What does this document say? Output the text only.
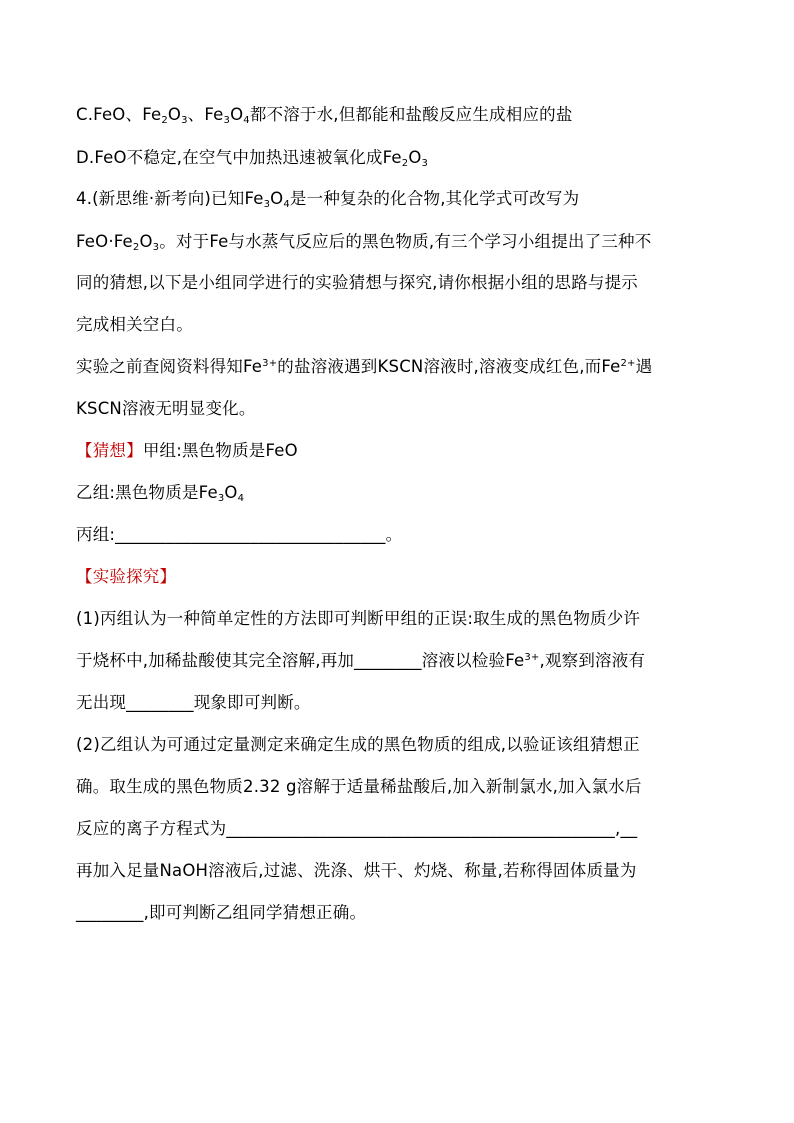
C.FeO、$Fe_2O_3$、$Fe_3O_4$都不溶于水,但都能和盐酸反应生成相应的盐
D.FeO不稳定,在空气中加热迅速被氧化成$Fe_2O_3$
4.(新思维·新考向)已知$Fe_3O_4$是一种复杂的化合物,其化学式可改写为
$FeO\cdot Fe_2O_3$。对于Fe与水蒸气反应后的黑色物质,有三个学习小组提出了三种不
同的猜想,以下是小组同学进行的实验猜想与探究,请你根据小组的思路与提示
完成相关空白。
实验之前查阅资料得知$Fe^{3+}$的盐溶液遇到KSCN溶液时,溶液变成红色,而$Fe^{2+}$遇
KSCN溶液无明显变化。
【猜想】甲组:黑色物质是FeO
乙组:黑色物质是$Fe_3O_4$
丙组:________________________________。
【实验探究】
(1)丙组认为一种简单定性的方法即可判断甲组的正误:取生成的黑色物质少许
于烧杯中,加稀盐酸使其完全溶解,再加________溶液以检验$Fe^{3+}$,观察到溶液有
无出现________现象即可判断。
(2)乙组认为可通过定量测定来确定生成的黑色物质的组成,以验证该组猜想正
确。取生成的黑色物质2.32 g溶解于适量稀盐酸后,加入新制氯水,加入氯水后
反应的离子方程式为______________________________________________,__
再加入足量NaOH溶液后,过滤、洗涤、烘干、灼烧、称量,若称得固体质量为
________,即可判断乙组同学猜想正确。
